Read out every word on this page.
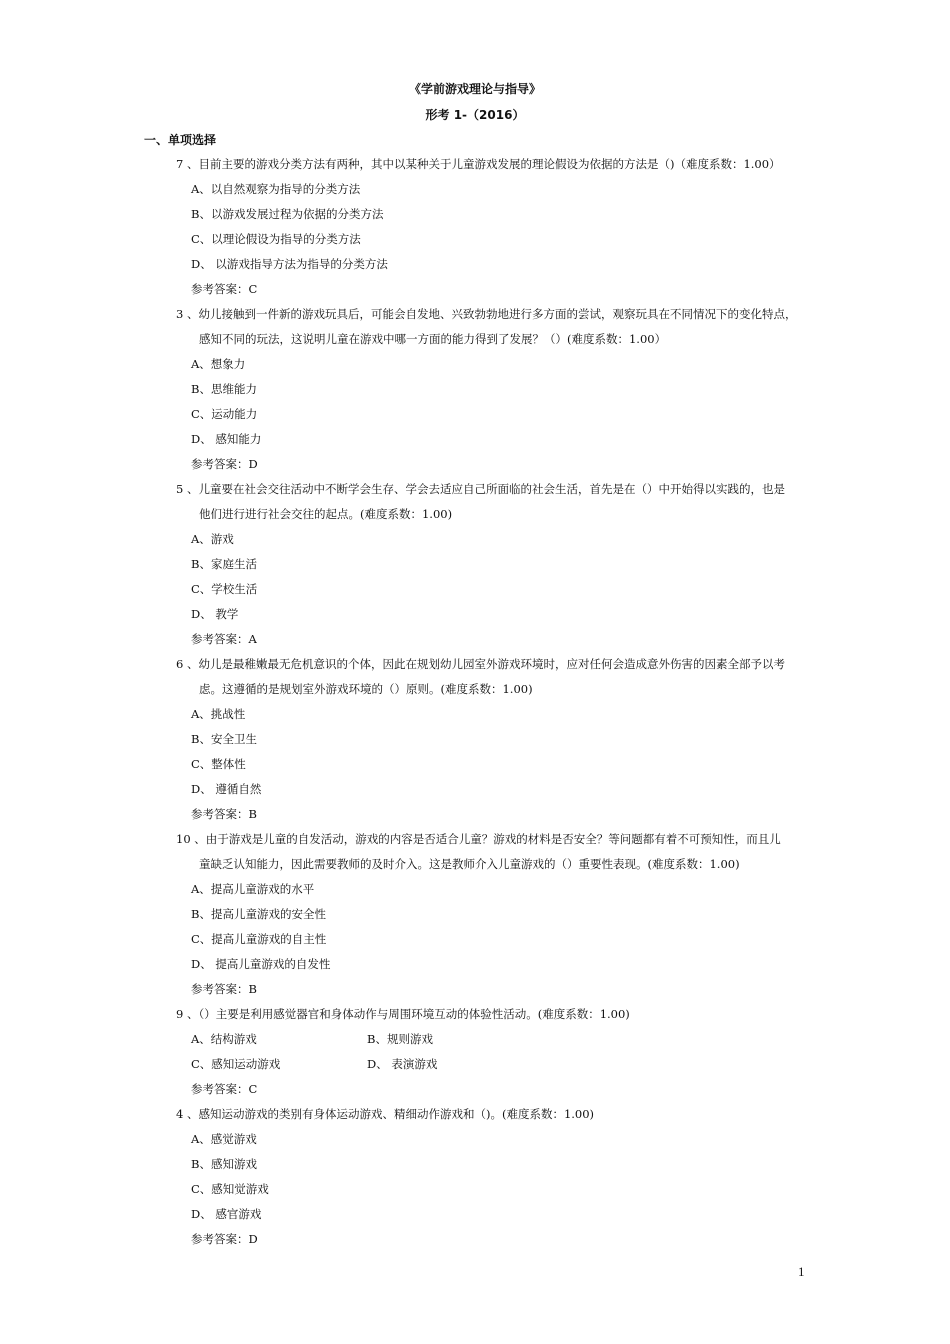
《学前游戏理论与指导》
形考 1-（2016）
一、单项选择
7 、目前主要的游戏分类方法有两种，其中以某种关于儿童游戏发展的理论假设为依据的方法是（)（难度系数：1.00）
A、以自然观察为指导的分类方法
B、以游戏发展过程为依据的分类方法
C、以理论假设为指导的分类方法
D、 以游戏指导方法为指导的分类方法
参考答案：C
3 、幼儿接触到一件新的游戏玩具后，可能会自发地、兴致勃勃地进行多方面的尝试，观察玩具在不同情况下的变化特点，
感知不同的玩法，这说明儿童在游戏中哪一方面的能力得到了发展？（）(难度系数：1.00）
A、想象力
B、思维能力
C、运动能力
D、 感知能力
参考答案：D
5 、儿童要在社会交往活动中不断学会生存、学会去适应自己所面临的社会生活，首先是在（）中开始得以实践的，也是
他们进行进行社会交往的起点。(难度系数：1.00)
A、游戏
B、家庭生活
C、学校生活
D、 教学
参考答案：A
6 、幼儿是最稚嫩最无危机意识的个体，因此在规划幼儿园室外游戏环境时，应对任何会造成意外伤害的因素全部予以考
虑。这遵循的是规划室外游戏环境的（）原则。(难度系数：1.00)
A、挑战性
B、安全卫生
C、整体性
D、 遵循自然
参考答案：B
10 、由于游戏是儿童的自发活动，游戏的内容是否适合儿童？游戏的材料是否安全？等问题都有着不可预知性，而且儿
童缺乏认知能力，因此需要教师的及时介入。这是教师介入儿童游戏的（）重要性表现。(难度系数：1.00)
A、提高儿童游戏的水平
B、提高儿童游戏的安全性
C、提高儿童游戏的自主性
D、 提高儿童游戏的自发性
参考答案：B
9 、（）主要是利用感觉器官和身体动作与周围环境互动的体验性活动。(难度系数：1.00)
A、结构游戏	B、规则游戏
C、感知运动游戏	D、 表演游戏
参考答案：C
4 、感知运动游戏的类别有身体运动游戏、精细动作游戏和（)。(难度系数：1.00)
A、感觉游戏
B、感知游戏
C、感知觉游戏
D、 感官游戏
参考答案：D
1
